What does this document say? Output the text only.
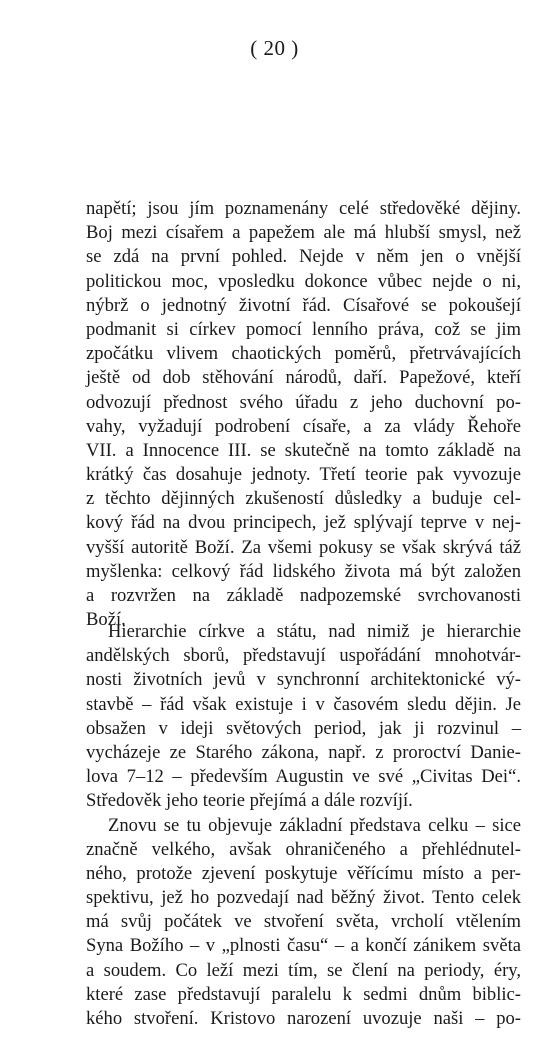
( 20 )
napětí; jsou jím poznamenány celé středověké dějiny.
Boj mezi císařem a papežem ale má hlubší smysl, než
se zdá na první pohled. Nejde v něm jen o vnější
politickou moc, vposledku dokonce vůbec nejde o ni,
nýbrž o jednotný životní řád. Císařové se pokoušejí
podmanit si církev pomocí lenního práva, což se jim
zpočátku vlivem chaotických poměrů, přetrvávajících
ještě od dob stěhování národů, daří. Papežové, kteří
odvozují přednost svého úřadu z jeho duchovní po-
vahy, vyžadují podrobení císaře, a za vlády Řehoře
VII. a Innocence III. se skutečně na tomto základě na
krátký čas dosahuje jednoty. Třetí teorie pak vyvozuje
z těchto dějinných zkušeností důsledky a buduje cel-
kový řád na dvou principech, jež splývají teprve v nej-
vyšší autoritě Boží. Za všemi pokusy se však skrývá táž
myšlenka: celkový řád lidského života má být založen
a rozvržen na základě nadpozemské svrchovanosti
Boží.
Hierarchie církve a státu, nad nimiž je hierarchie
andělských sborů, představují uspořádání mnohotvár-
nosti životních jevů v synchronní architektonické vý-
stavbě – řád však existuje i v časovém sledu dějin. Je
obsažen v ideji světových period, jak ji rozvinul –
vycházeje ze Starého zákona, např. z proroctví Danie-
lova 7–12 – především Augustin ve své „Civitas Dei“.
Středověk jeho teorie přejímá a dále rozvíjí.
Znovu se tu objevuje základní představa celku – sice
značně velkého, avšak ohraničeného a přehlédnutel-
ného, protože zjevení poskytuje věřícímu místo a per-
spektivu, jež ho pozvedají nad běžný život. Tento celek
má svůj počátek ve stvoření světa, vrcholí vtělením
Syna Božího – v „plnosti času“ – a končí zánikem světa
a soudem. Co leží mezi tím, se člení na periody, éry,
které zase představují paralelu k sedmi dnům biblic-
kého stvoření. Kristovo narození uvozuje naši – po-
